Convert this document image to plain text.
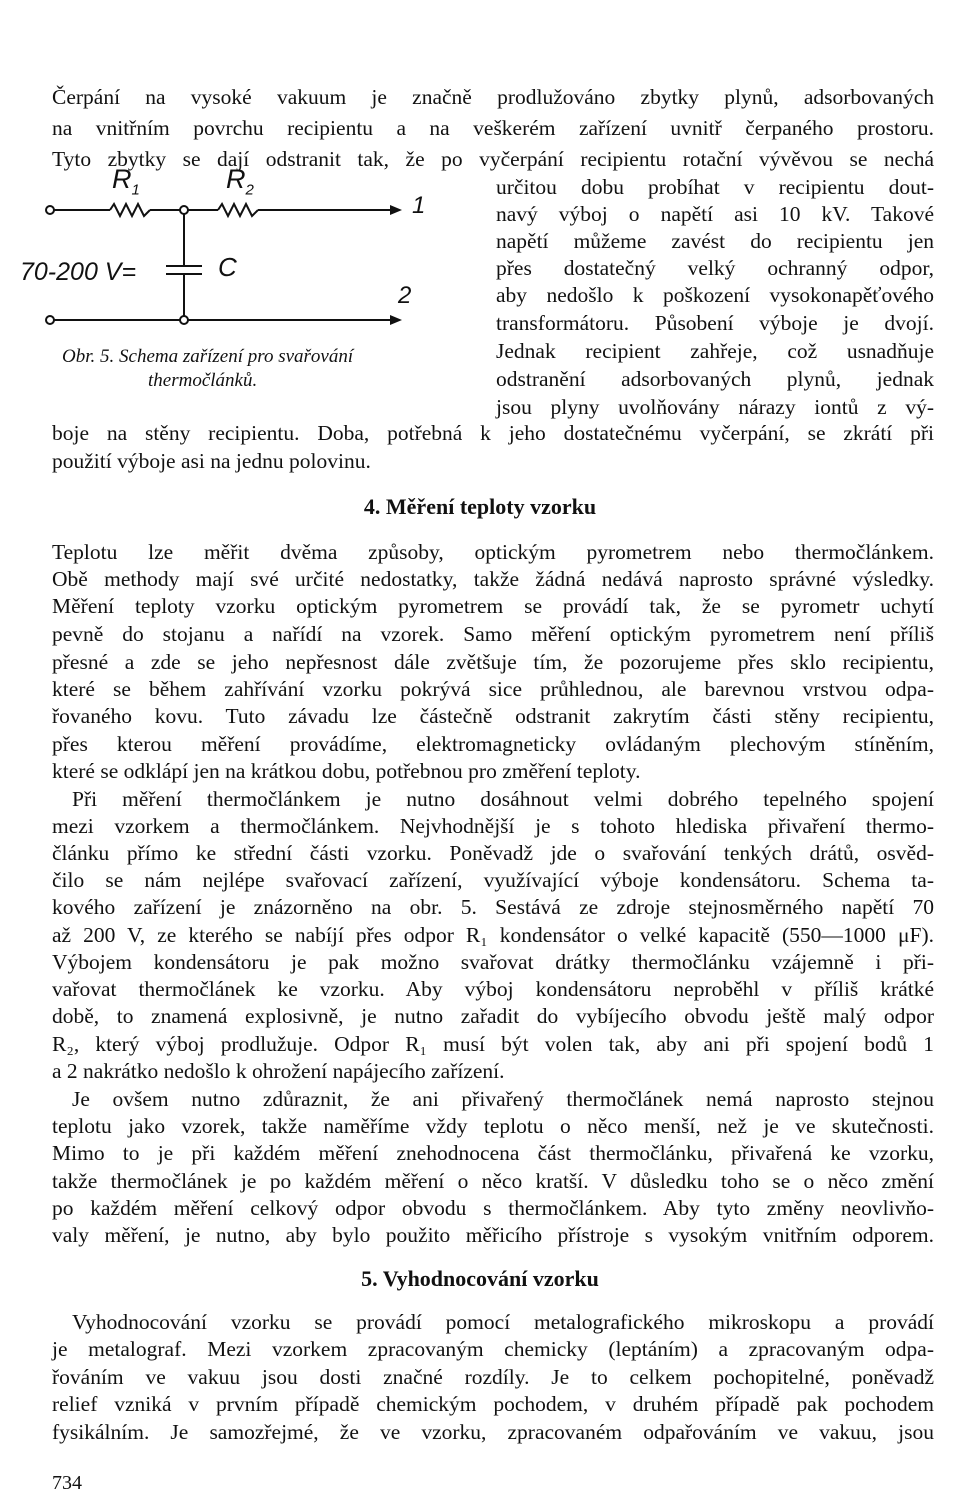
Čerpání na vysoké vakuum je značně prodlužováno zbytky plynů, adsorbovaných
na vnitřním povrchu recipientu a na veškerém zařízení uvnitř čerpaného prostoru.
Tyto zbytky se dají odstranit tak, že po vyčerpání recipientu rotační vývěvou se nechá
určitou dobu probíhat v recipientu dout-
navý výboj o napětí asi 10 kV. Takové
napětí můžeme zavést do recipientu jen
přes dostatečný velký ochranný odpor,
aby nedošlo k poškození vysokonapěťového
transformátoru. Působení výboje je dvojí.
Jednak recipient zahřeje, což usnadňuje
odstranění adsorbovaných plynů, jednak
jsou plyny uvolňovány nárazy iontů z vý-
$R_1$	$R_2$
C
70-200 V=
1
2
Obr. 5. Schema zařízení pro svařování
thermočlánků.
boje na stěny recipientu. Doba, potřebná k jeho dostatečnému vyčerpání, se zkrátí při
použití výboje asi na jednu polovinu.
4. Měření teploty vzorku
Teplotu lze měřit dvěma způsoby, optickým pyrometrem nebo thermočlánkem.
Obě methody mají své určité nedostatky, takže žádná nedává naprosto správné výsledky.
Měření teploty vzorku optickým pyrometrem se provádí tak, že se pyrometr uchytí
pevně do stojanu a nařídí na vzorek. Samo měření optickým pyrometrem není příliš
přesné a zde se jeho nepřesnost dále zvětšuje tím, že pozorujeme přes sklo recipientu,
které se během zahřívání vzorku pokrývá sice průhlednou, ale barevnou vrstvou odpa-
řovaného kovu. Tuto závadu lze částečně odstranit zakrytím části stěny recipientu,
přes kterou měření provádíme, elektromagneticky ovládaným plechovým stíněním,
které se odklápí jen na krátkou dobu, potřebnou pro změření teploty.
Při měření thermočlánkem je nutno dosáhnout velmi dobrého tepelného spojení
mezi vzorkem a thermočlánkem. Nejvhodnější je s tohoto hlediska přivaření thermo-
článku přímo ke střední části vzorku. Poněvadž jde o svařování tenkých drátů, osvěd-
čilo se nám nejlépe svařovací zařízení, využívající výboje kondensátoru. Schema ta-
kového zařízení je znázorněno na obr. 5. Sestává ze zdroje stejnosměrného napětí 70
až 200 V, ze kterého se nabíjí přes odpor R₁ kondensátor o velké kapacitě (550—1000 μF).
Výbojem kondensátoru je pak možno svařovat drátky thermočlánku vzájemně i při-
vařovat thermočlánek ke vzorku. Aby výboj kondensátoru neproběhl v příliš krátké
době, to znamená explosivně, je nutno zařadit do vybíjecího obvodu ještě malý odpor
R₂, který výboj prodlužuje. Odpor R₁ musí být volen tak, aby ani při spojení bodů 1
a 2 nakrátko nedošlo k ohrožení napájecího zařízení.
Je ovšem nutno zdůraznit, že ani přivařený thermočlánek nemá naprosto stejnou
teplotu jako vzorek, takže naměříme vždy teplotu o něco menší, než je ve skutečnosti.
Mimo to je při každém měření znehodnocena část thermočlánku, přivařená ke vzorku,
takže thermočlánek je po každém měření o něco kratší. V důsledku toho se o něco změní
po každém měření celkový odpor obvodu s thermočlánkem. Aby tyto změny neovlivňo-
valy měření, je nutno, aby bylo použito měřicího přístroje s vysokým vnitřním odporem.
5. Vyhodnocování vzorku
Vyhodnocování vzorku se provádí pomocí metalografického mikroskopu a provádí
je metalograf. Mezi vzorkem zpracovaným chemicky (leptáním) a zpracovaným odpa-
řováním ve vakuu jsou dosti značné rozdíly. Je to celkem pochopitelné, poněvadž
relief vzniká v prvním případě chemickým pochodem, v druhém případě pak pochodem
fysikálním. Je samozřejmé, že ve vzorku, zpracovaném odpařováním ve vakuu, jsou
734
